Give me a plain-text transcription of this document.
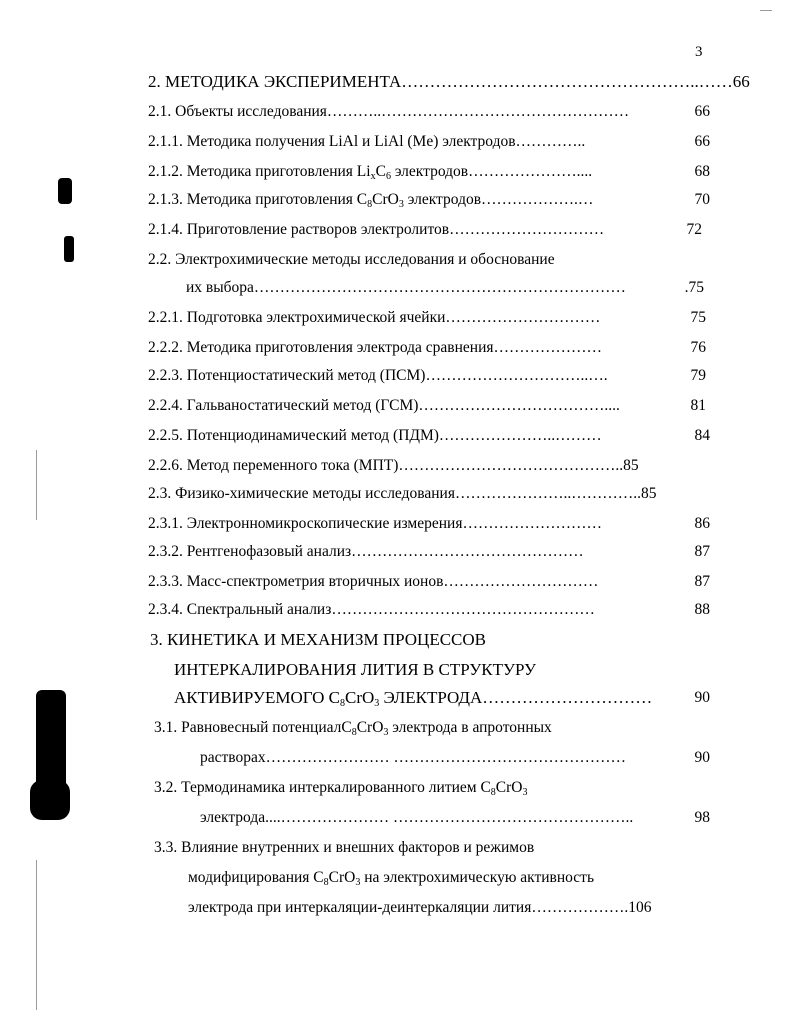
3
2. МЕТОДИКА ЭКСПЕРИМЕНТА……………………………………………..……66
2.1. Объекты исследования………..…………………………………………	66
2.1.1. Методика получения LiAl и LiAl (Me) электродов…………..	66
2.1.2. Методика приготовления $Li_xC_6$ электродов…………………....	68
2.1.3. Методика приготовления $C_8CrO_3$ электродов……………….…	70
2.1.4. Приготовление растворов электролитов…………………………	72
2.2. Электрохимические методы исследования и обоснование
их выбора………………………………………………………………	.75
2.2.1. Подготовка электрохимической ячейки…………………………	75
2.2.2. Методика приготовления электрода сравнения…………………	76
2.2.3. Потенциостатический метод (ПСМ)…………………………..….	79
2.2.4. Гальваностатический метод (ГСМ)………………………………....	81
2.2.5. Потенциодинамический метод (ПДМ)…………………..………	84
2.2.6. Метод переменного тока (МПТ)……………………………………..85
2.3. Физико-химические методы исследования…………………..…………..85
2.3.1. Электронномикроскопические измерения………………………	86
2.3.2. Рентгенофазовый анализ………………………………………	87
2.3.3. Масс-спектрометрия вторичных ионов…………………………	87
2.3.4. Спектральный анализ……………………………………………	88
3. КИНЕТИКА И МЕХАНИЗМ ПРОЦЕССОВ
ИНТЕРКАЛИРОВАНИЯ ЛИТИЯ В СТРУКТУРУ
АКТИВИРУЕМОГО $C_8CrO_3$ ЭЛЕКТРОДА…………………………	90
3.1. Равновесный потенциалC$_8$CrO$_3$ электрода в апротонных
растворах…………………… ………………………………………	90
3.2. Термодинамика интеркалированного литием $C_8CrO_3$
электрода....………………… ………………………………………..	98
3.3. Влияние внутренних и внешних факторов и режимов
модифицирования $C_8CrO_3$ на электрохимическую активность
электрода при интеркаляции-деинтеркаляции лития……………….106
